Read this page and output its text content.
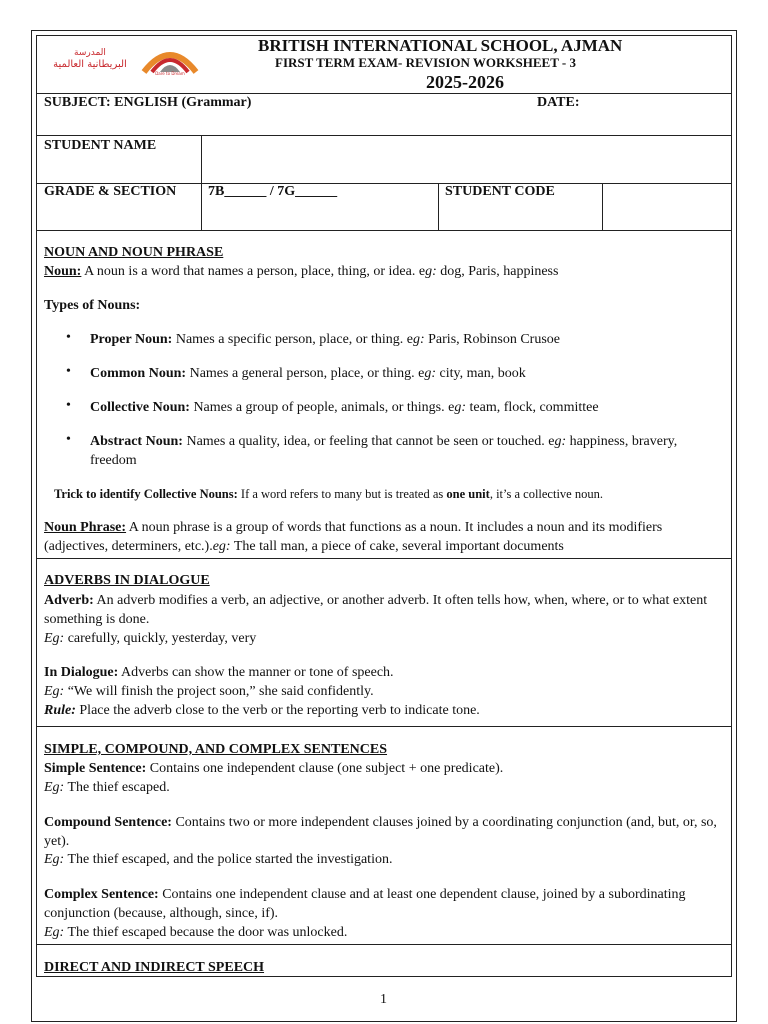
المدرسة
البريطانية العالمية
Dare to Dream
BRITISH INTERNATIONAL SCHOOL, AJMAN
FIRST TERM EXAM- REVISION WORKSHEET - 3
2025-2026
SUBJECT: ENGLISH (Grammar)	DATE:
STUDENT NAME
GRADE & SECTION 7B______ / 7G______	STUDENT CODE
NOUN AND NOUN PHRASE
Noun: A noun is a word that names a person, place, thing, or idea. eg: dog, Paris, happiness
Types of Nouns:
• Proper Noun: Names a specific person, place, or thing. eg: Paris, Robinson Crusoe
• Common Noun: Names a general person, place, or thing. eg: city, man, book
• Collective Noun: Names a group of people, animals, or things. eg: team, flock, committee
• Abstract Noun: Names a quality, idea, or feeling that cannot be seen or touched. eg: happiness, bravery, freedom
Trick to identify Collective Nouns: If a word refers to many but is treated as one unit, it’s a collective noun.
Noun Phrase: A noun phrase is a group of words that functions as a noun. It includes a noun and its modifiers (adjectives, determiners, etc.).eg: The tall man, a piece of cake, several important documents
ADVERBS IN DIALOGUE
Adverb: An adverb modifies a verb, an adjective, or another adverb. It often tells how, when, where, or to what extent something is done.
Eg: carefully, quickly, yesterday, very
In Dialogue: Adverbs can show the manner or tone of speech.
Eg: “We will finish the project soon,” she said confidently.
Rule: Place the adverb close to the verb or the reporting verb to indicate tone.
SIMPLE, COMPOUND, AND COMPLEX SENTENCES
Simple Sentence: Contains one independent clause (one subject + one predicate).
Eg: The thief escaped.
Compound Sentence: Contains two or more independent clauses joined by a coordinating conjunction (and, but, or, so, yet).
Eg: The thief escaped, and the police started the investigation.
Complex Sentence: Contains one independent clause and at least one dependent clause, joined by a subordinating conjunction (because, although, since, if).
Eg: The thief escaped because the door was unlocked.
DIRECT AND INDIRECT SPEECH
1
